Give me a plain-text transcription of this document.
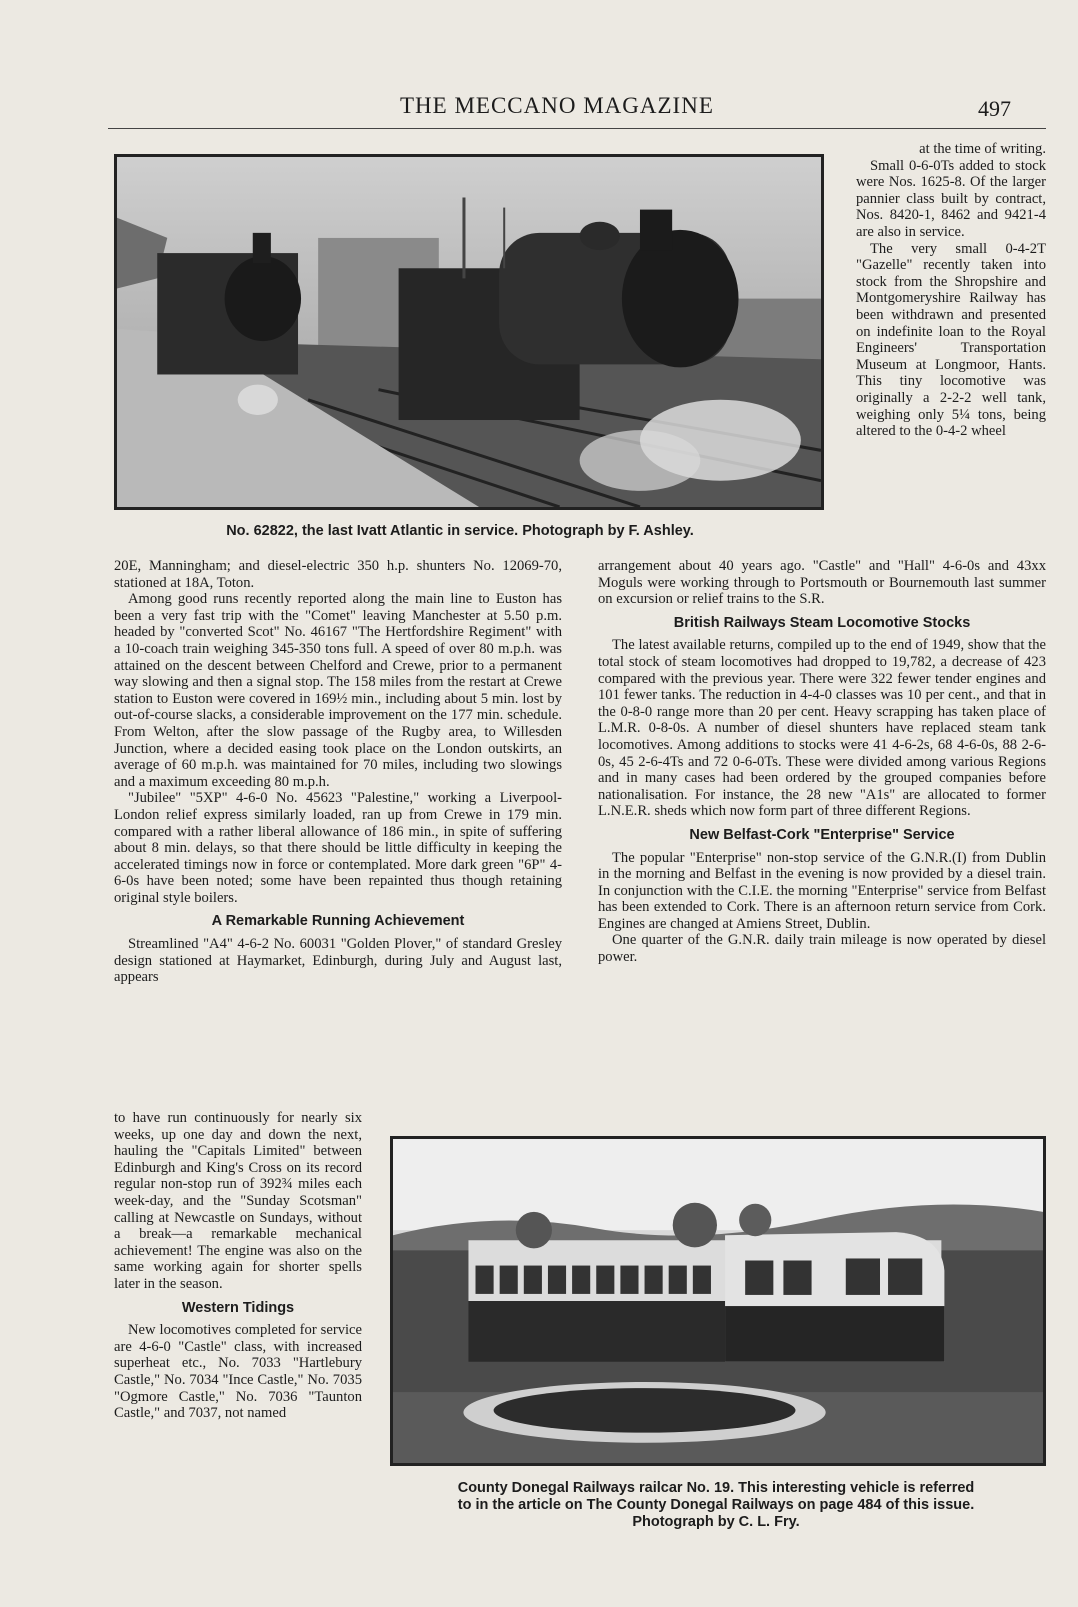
THE MECCANO MAGAZINE	497
No. 62822, the last Ivatt Atlantic in service. Photograph by F. Ashley.

at the time of writing.

Small 0-6-0Ts added to stock were Nos. 1625-8. Of the larger pannier class built by contract, Nos. 8420-1, 8462 and 9421-4 are also in service.

The very small 0-4-2T "Gazelle" recently taken into stock from the Shropshire and Montgomeryshire Railway has been withdrawn and presented on indefinite loan to the Royal Engineers' Transportation Museum at Longmoor, Hants. This tiny locomotive was originally a 2-2-2 well tank, weighing only 5¼ tons, being altered to the 0-4-2 wheel

20E, Manningham; and diesel-electric 350 h.p. shunters No. 12069-70, stationed at 18A, Toton.

Among good runs recently reported along the main line to Euston has been a very fast trip with the "Comet" leaving Manchester at 5.50 p.m. headed by "converted Scot" No. 46167 "The Hertfordshire Regiment" with a 10-coach train weighing 345-350 tons full. A speed of over 80 m.p.h. was attained on the descent between Chelford and Crewe, prior to a permanent way slowing and then a signal stop. The 158 miles from the restart at Crewe station to Euston were covered in 169½ min., including about 5 min. lost by out-of-course slacks, a considerable improvement on the 177 min. schedule. From Welton, after the slow passage of the Rugby area, to Willesden Junction, where a decided easing took place on the London outskirts, an average of 60 m.p.h. was maintained for 70 miles, including two slowings and a maximum exceeding 80 m.p.h.

"Jubilee" "5XP" 4-6-0 No. 45623 "Palestine," working a Liverpool-London relief express similarly loaded, ran up from Crewe in 179 min. compared with a rather liberal allowance of 186 min., in spite of suffering about 8 min. delays, so that there should be little difficulty in keeping the accelerated timings now in force or contemplated. More dark green "6P" 4-6-0s have been noted; some have been repainted thus though retaining original style boilers.

A Remarkable Running Achievement

Streamlined "A4" 4-6-2 No. 60031 "Golden Plover," of standard Gresley design stationed at Haymarket, Edinburgh, during July and August last, appears

to have run continuously for nearly six weeks, up one day and down the next, hauling the "Capitals Limited" between Edinburgh and King's Cross on its record regular non-stop run of 392¾ miles each week-day, and the "Sunday Scotsman" calling at Newcastle on Sundays, without a break—a remarkable mechanical achievement! The engine was also on the same working again for shorter spells later in the season.

Western Tidings

New locomotives completed for service are 4-6-0 "Castle" class, with increased superheat etc., No. 7033 "Hartlebury Castle," No. 7034 "Ince Castle," No. 7035 "Ogmore Castle," No. 7036 "Taunton Castle," and 7037, not named

arrangement about 40 years ago. "Castle" and "Hall" 4-6-0s and 43xx Moguls were working through to Portsmouth or Bournemouth last summer on excursion or relief trains to the S.R.

British Railways Steam Locomotive Stocks

The latest available returns, compiled up to the end of 1949, show that the total stock of steam locomotives had dropped to 19,782, a decrease of 423 compared with the previous year. There were 322 fewer tender engines and 101 fewer tanks. The reduction in 4-4-0 classes was 10 per cent., and that in the 0-8-0 range more than 20 per cent. Heavy scrapping has taken place of L.M.R. 0-8-0s. A number of diesel shunters have replaced steam tank locomotives. Among additions to stocks were 41 4-6-2s, 68 4-6-0s, 88 2-6-0s, 45 2-6-4Ts and 72 0-6-0Ts. These were divided among various Regions and in many cases had been ordered by the grouped companies before nationalisation. For instance, the 28 new "A1s" are allocated to former L.N.E.R. sheds which now form part of three different Regions.

New Belfast-Cork "Enterprise" Service

The popular "Enterprise" non-stop service of the G.N.R.(I) from Dublin in the morning and Belfast in the evening is now provided by a diesel train. In conjunction with the C.I.E. the morning "Enterprise" service from Belfast has been extended to Cork. There is an afternoon return service from Cork. Engines are changed at Amiens Street, Dublin.

One quarter of the G.N.R. daily train mileage is now operated by diesel power.

County Donegal Railways railcar No. 19. This interesting vehicle is referred
to in the article on The County Donegal Railways on page 484 of this issue.
Photograph by C. L. Fry.
